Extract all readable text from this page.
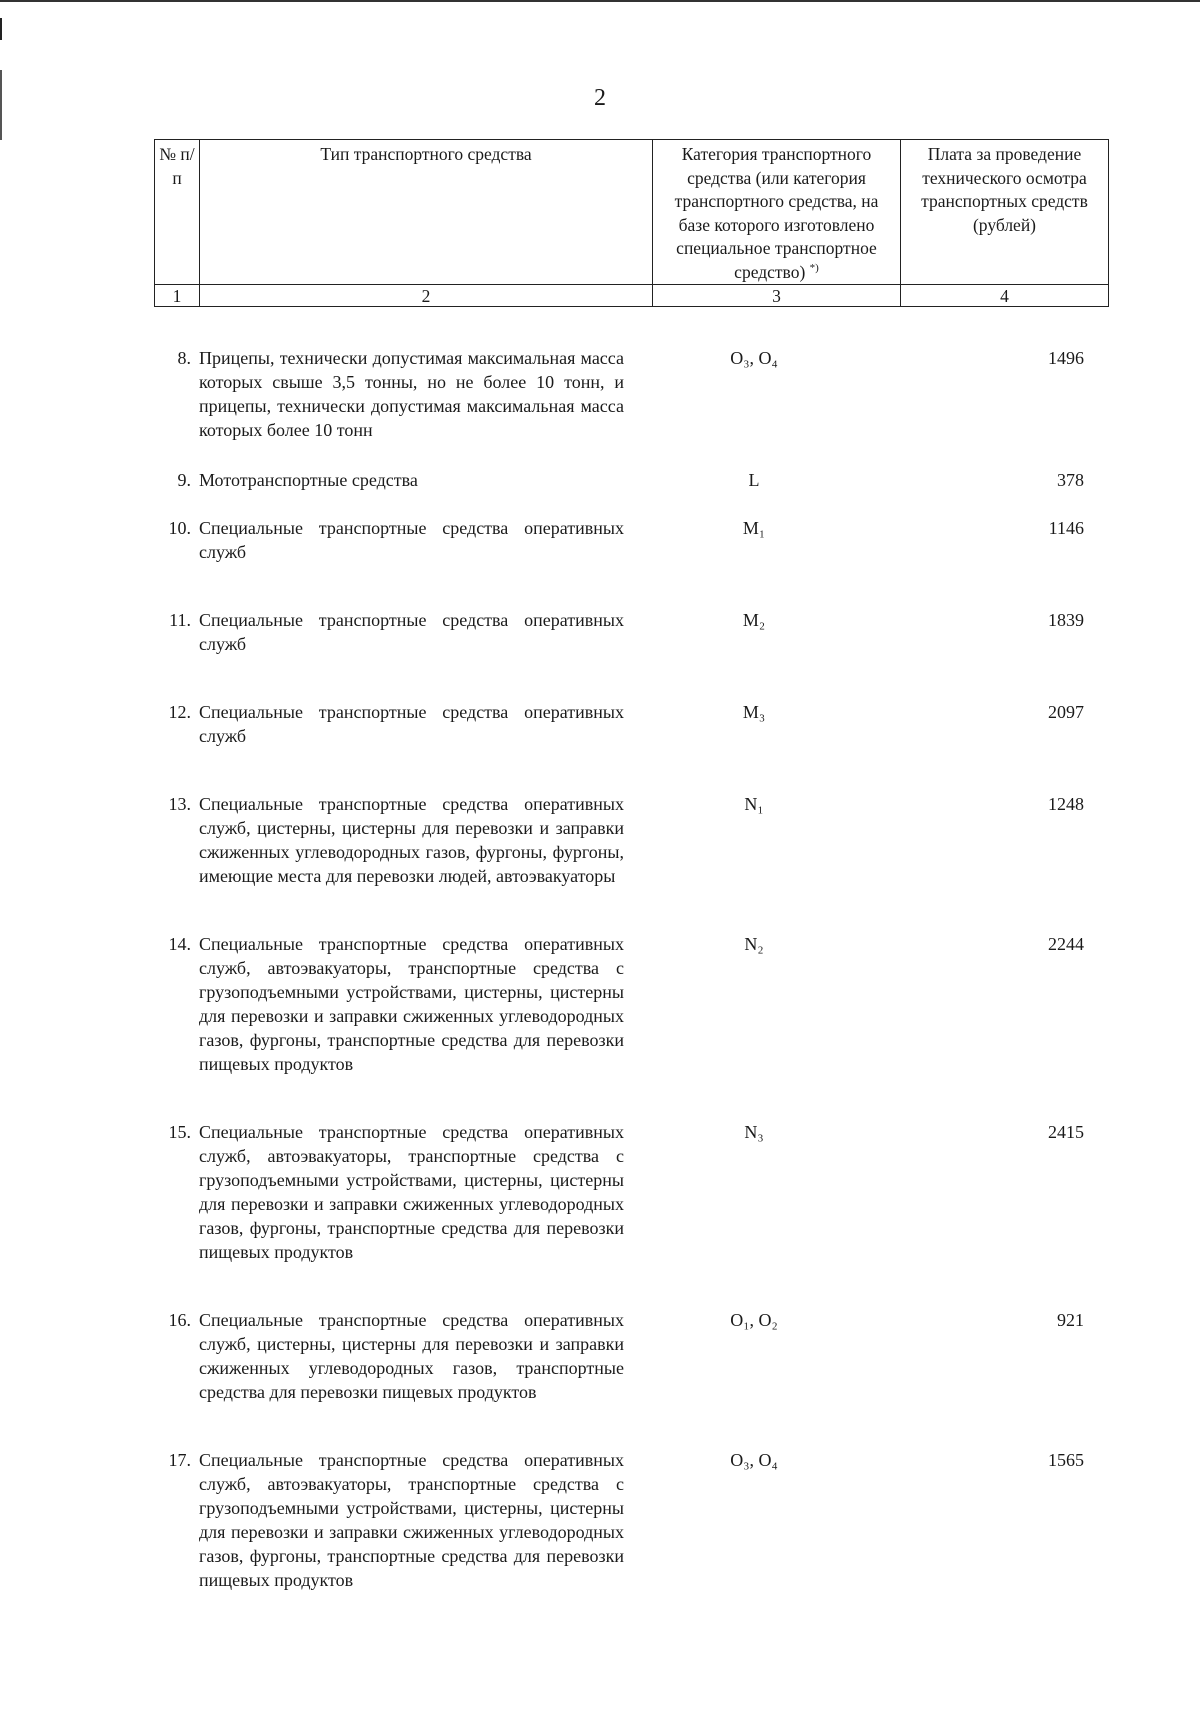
2
№ п/п	Тип транспортного средства	Категория транспортного средства (или категория транспортного средства, на базе которого изготовлено специальное транспортное средство) *)	Плата за проведение технического осмотра транспортных средств (рублей)
1	2	3	4
8.	Прицепы, технически допустимая максимальная масса которых свыше 3,5 тонны, но не более 10 тонн, и прицепы, технически допустимая максимальная масса которых более 10 тонн	O₃, O₄	1496
9.	Мототранспортные средства	L	378
10.	Специальные транспортные средства оперативных служб	M₁	1146
11.	Специальные транспортные средства оперативных служб	M₂	1839
12.	Специальные транспортные средства оперативных служб	M₃	2097
13.	Специальные транспортные средства оперативных служб, цистерны, цистерны для перевозки и заправки сжиженных углеводородных газов, фургоны, фургоны, имеющие места для перевозки людей, автоэвакуаторы	N₁	1248
14.	Специальные транспортные средства оперативных служб, автоэвакуаторы, транспортные средства с грузоподъемными устройствами, цистерны, цистерны для перевозки и заправки сжиженных углеводородных газов, фургоны, транспортные средства для перевозки пищевых продуктов	N₂	2244
15.	Специальные транспортные средства оперативных служб, автоэвакуаторы, транспортные средства с грузоподъемными устройствами, цистерны, цистерны для перевозки и заправки сжиженных углеводородных газов, фургоны, транспортные средства для перевозки пищевых продуктов	N₃	2415
16.	Специальные транспортные средства оперативных служб, цистерны, цистерны для перевозки и заправки сжиженных углеводородных газов, транспортные средства для перевозки пищевых продуктов	O₁, O₂	921
17.	Специальные транспортные средства оперативных служб, автоэвакуаторы, транспортные средства с грузоподъемными устройствами, цистерны, цистерны для перевозки и заправки сжиженных углеводородных газов, фургоны, транспортные средства для перевозки пищевых продуктов	O₃, O₄	1565
